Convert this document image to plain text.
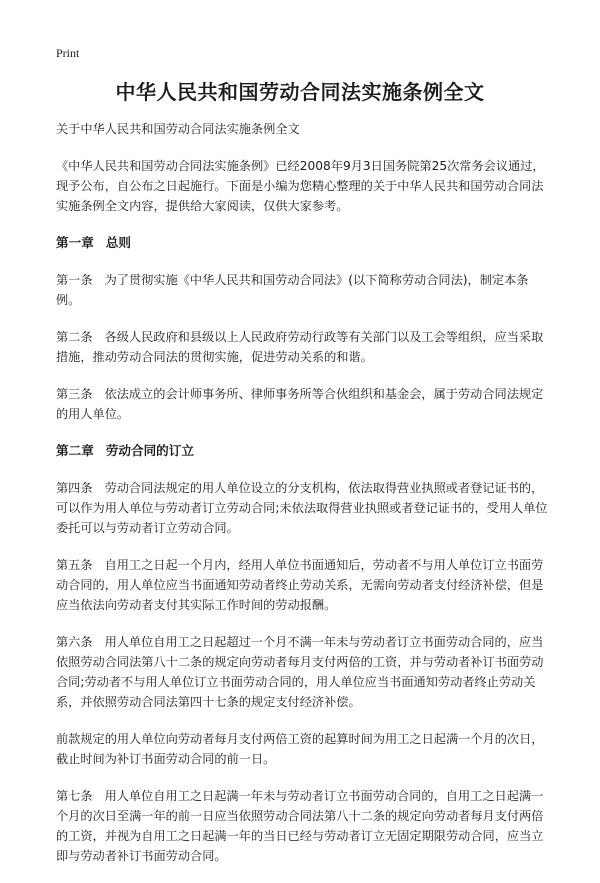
Print
中华人民共和国劳动合同法实施条例全文

关于中华人民共和国劳动合同法实施条例全文

《中华人民共和国劳动合同法实施条例》已经2008年9月3日国务院第25次常务会议通过，现予公布，自公布之日起施行。下面是小编为您精心整理的关于中华人民共和国劳动合同法实施条例全文内容，提供给大家阅读，仅供大家参考。

第一章 总则

第一条 为了贯彻实施《中华人民共和国劳动合同法》(以下简称劳动合同法)，制定本条例。

第二条 各级人民政府和县级以上人民政府劳动行政等有关部门以及工会等组织，应当采取措施，推动劳动合同法的贯彻实施，促进劳动关系的和谐。

第三条 依法成立的会计师事务所、律师事务所等合伙组织和基金会，属于劳动合同法规定的用人单位。

第二章 劳动合同的订立

第四条 劳动合同法规定的用人单位设立的分支机构，依法取得营业执照或者登记证书的，可以作为用人单位与劳动者订立劳动合同;未依法取得营业执照或者登记证书的，受用人单位委托可以与劳动者订立劳动合同。

第五条 自用工之日起一个月内，经用人单位书面通知后，劳动者不与用人单位订立书面劳动合同的，用人单位应当书面通知劳动者终止劳动关系，无需向劳动者支付经济补偿，但是应当依法向劳动者支付其实际工作时间的劳动报酬。

第六条 用人单位自用工之日起超过一个月不满一年未与劳动者订立书面劳动合同的，应当依照劳动合同法第八十二条的规定向劳动者每月支付两倍的工资，并与劳动者补订书面劳动合同;劳动者不与用人单位订立书面劳动合同的，用人单位应当书面通知劳动者终止劳动关系，并依照劳动合同法第四十七条的规定支付经济补偿。

前款规定的用人单位向劳动者每月支付两倍工资的起算时间为用工之日起满一个月的次日，截止时间为补订书面劳动合同的前一日。

第七条 用人单位自用工之日起满一年未与劳动者订立书面劳动合同的，自用工之日起满一个月的次日至满一年的前一日应当依照劳动合同法第八十二条的规定向劳动者每月支付两倍的工资，并视为自用工之日起满一年的当日已经与劳动者订立无固定期限劳动合同，应当立即与劳动者补订书面劳动合同。
